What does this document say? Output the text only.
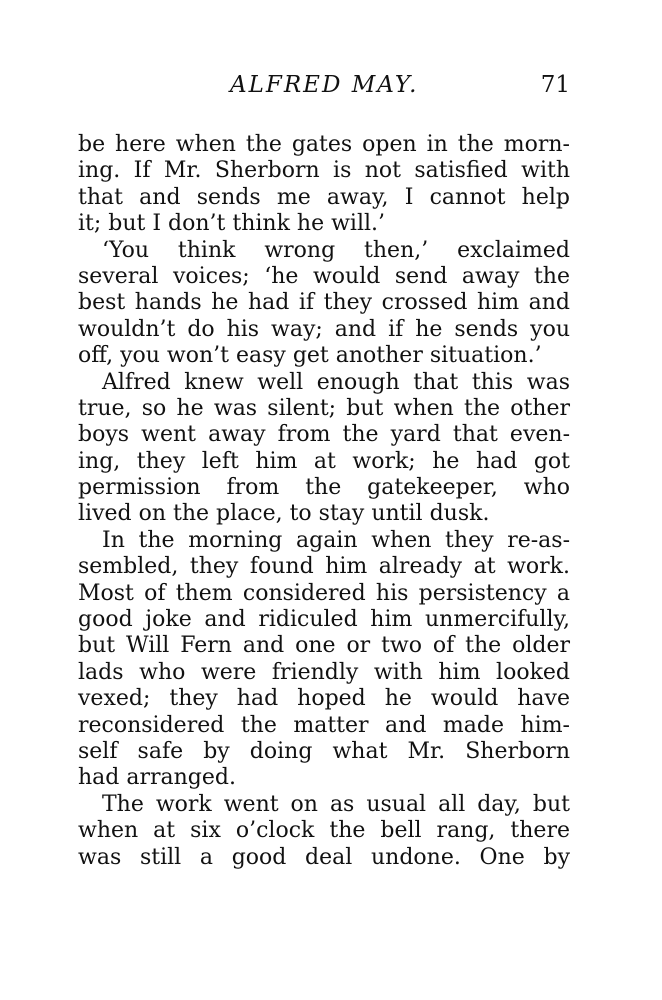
ALFRED MAY.	71
be here when the gates open in the morn-
ing. If Mr. Sherborn is not satisfied with
that and sends me away, I cannot help
it; but I don’t think he will.’
‘You think wrong then,’ exclaimed
several voices; ‘he would send away the
best hands he had if they crossed him and
wouldn’t do his way; and if he sends you
off, you won’t easy get another situation.’
Alfred knew well enough that this was
true, so he was silent; but when the other
boys went away from the yard that even-
ing, they left him at work; he had got
permission from the gatekeeper, who
lived on the place, to stay until dusk.
In the morning again when they re-as-
sembled, they found him already at work.
Most of them considered his persistency a
good joke and ridiculed him unmercifully,
but Will Fern and one or two of the older
lads who were friendly with him looked
vexed; they had hoped he would have
reconsidered the matter and made him-
self safe by doing what Mr. Sherborn
had arranged.
The work went on as usual all day, but
when at six o’clock the bell rang, there
was still a good deal undone. One by
